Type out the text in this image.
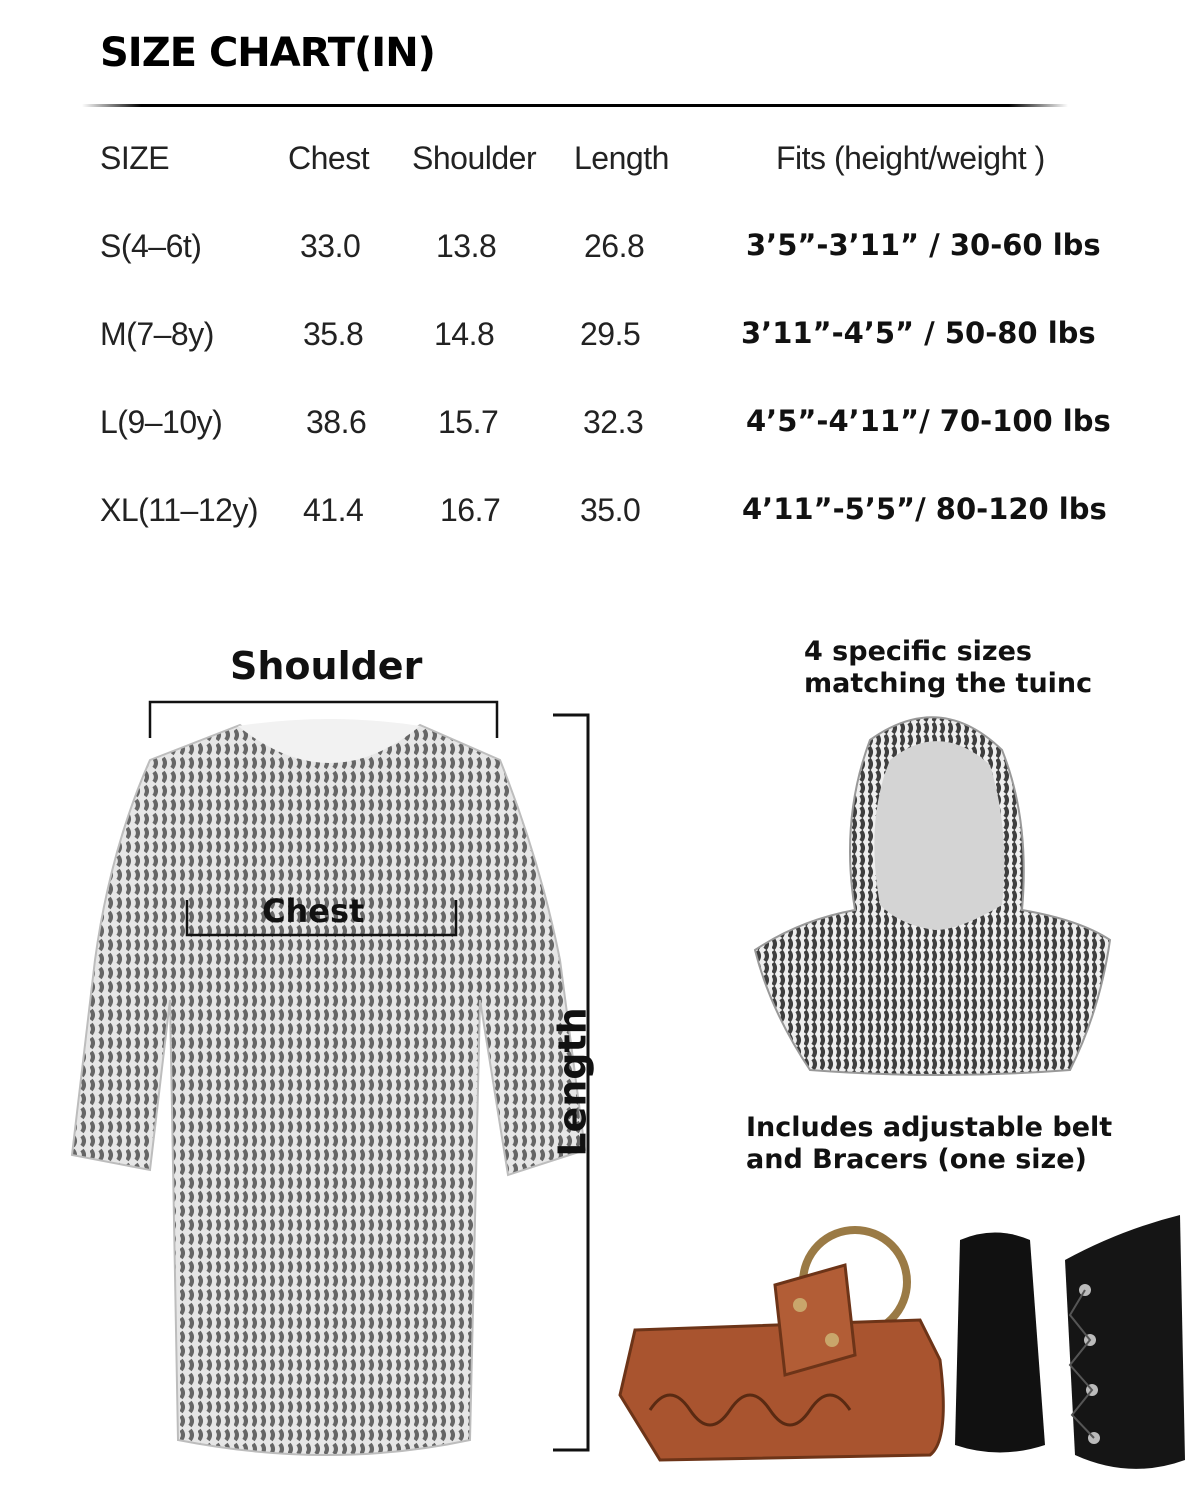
SIZE CHART(IN)
SIZE	Chest Shoulder Length	Fits (height/weight )
S(4–6t)	33.0 13.8	26.8	3’5”-3’11” / 30-60 lbs
M(7–8y)	35.8 14.8	29.5	3’11”-4’5” / 50-80 lbs
L(9–10y)	38.6 15.7	32.3	4’5”-4’11”/ 70-100 lbs
XL(11–12y) 41.4 16.7 35.0	4’11”-5’5”/ 80-120 lbs
Shoulder
Chest
Length
4 specific sizes matching the tuinc
Includes adjustable belt and Bracers (one size)
